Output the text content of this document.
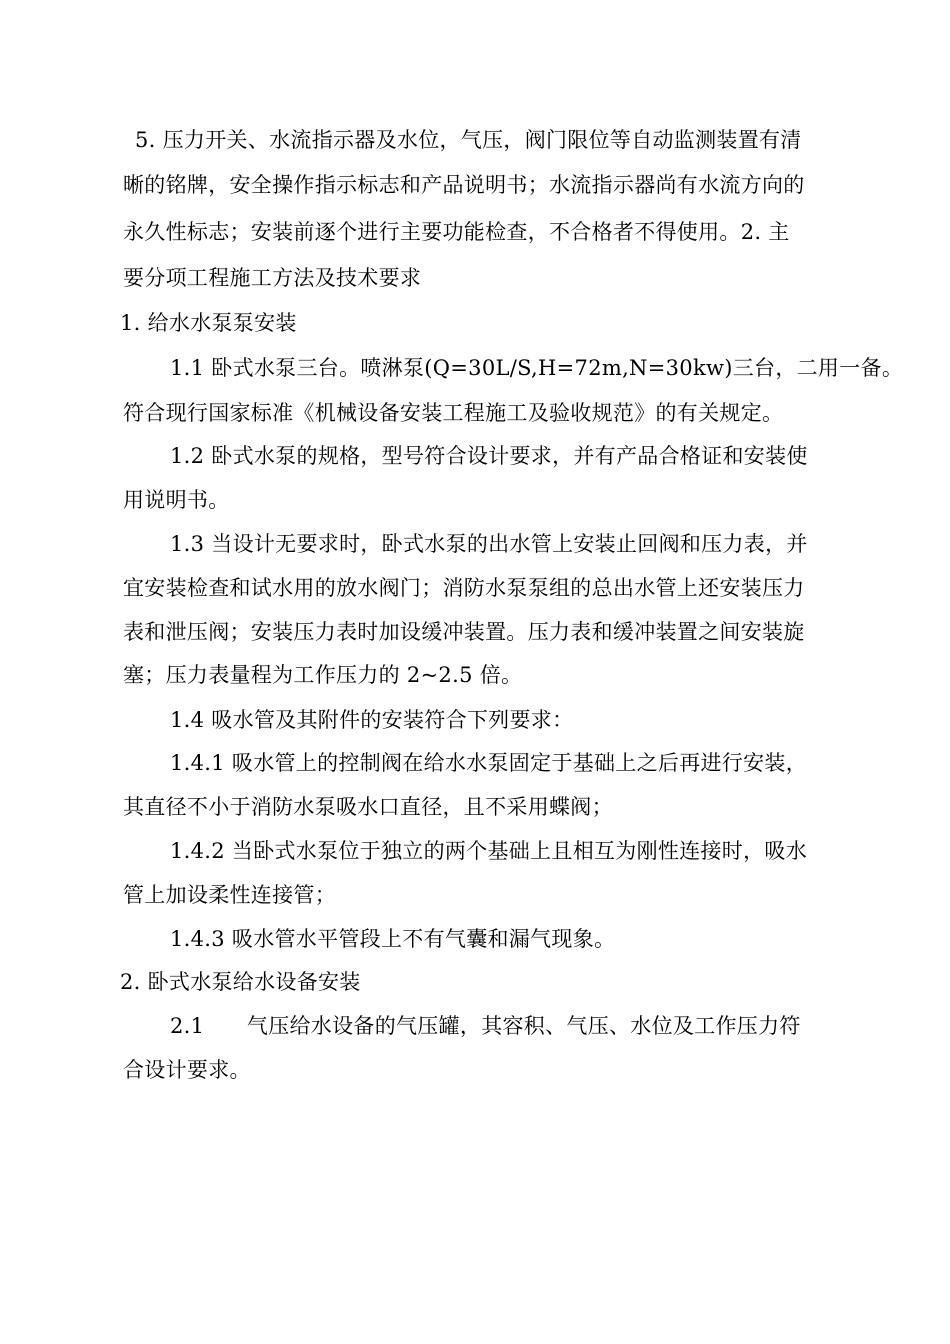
5. 压力开关、水流指示器及水位，气压，阀门限位等自动监测装置有清
晰的铭牌，安全操作指示标志和产品说明书；水流指示器尚有水流方向的
永久性标志；安装前逐个进行主要功能检查，不合格者不得使用。2. 主
要分项工程施工方法及技术要求
1. 给水水泵泵安装
1.1 卧式水泵三台。喷淋泵(Q=30L/S,H=72m,N=30kw)三台，二用一备。
符合现行国家标准《机械设备安装工程施工及验收规范》的有关规定。
1.2 卧式水泵的规格，型号符合设计要求，并有产品合格证和安装使
用说明书。
1.3 当设计无要求时，卧式水泵的出水管上安装止回阀和压力表，并
宜安装检查和试水用的放水阀门；消防水泵泵组的总出水管上还安装压力
表和泄压阀；安装压力表时加设缓冲装置。压力表和缓冲装置之间安装旋
塞；压力表量程为工作压力的 2~2.5 倍。
1.4 吸水管及其附件的安装符合下列要求：
1.4.1 吸水管上的控制阀在给水水泵固定于基础上之后再进行安装，
其直径不小于消防水泵吸水口直径，且不采用蝶阀；
1.4.2 当卧式水泵位于独立的两个基础上且相互为刚性连接时，吸水
管上加设柔性连接管；
1.4.3 吸水管水平管段上不有气囊和漏气现象。
2. 卧式水泵给水设备安装
2.1　　气压给水设备的气压罐，其容积、气压、水位及工作压力符
合设计要求。
